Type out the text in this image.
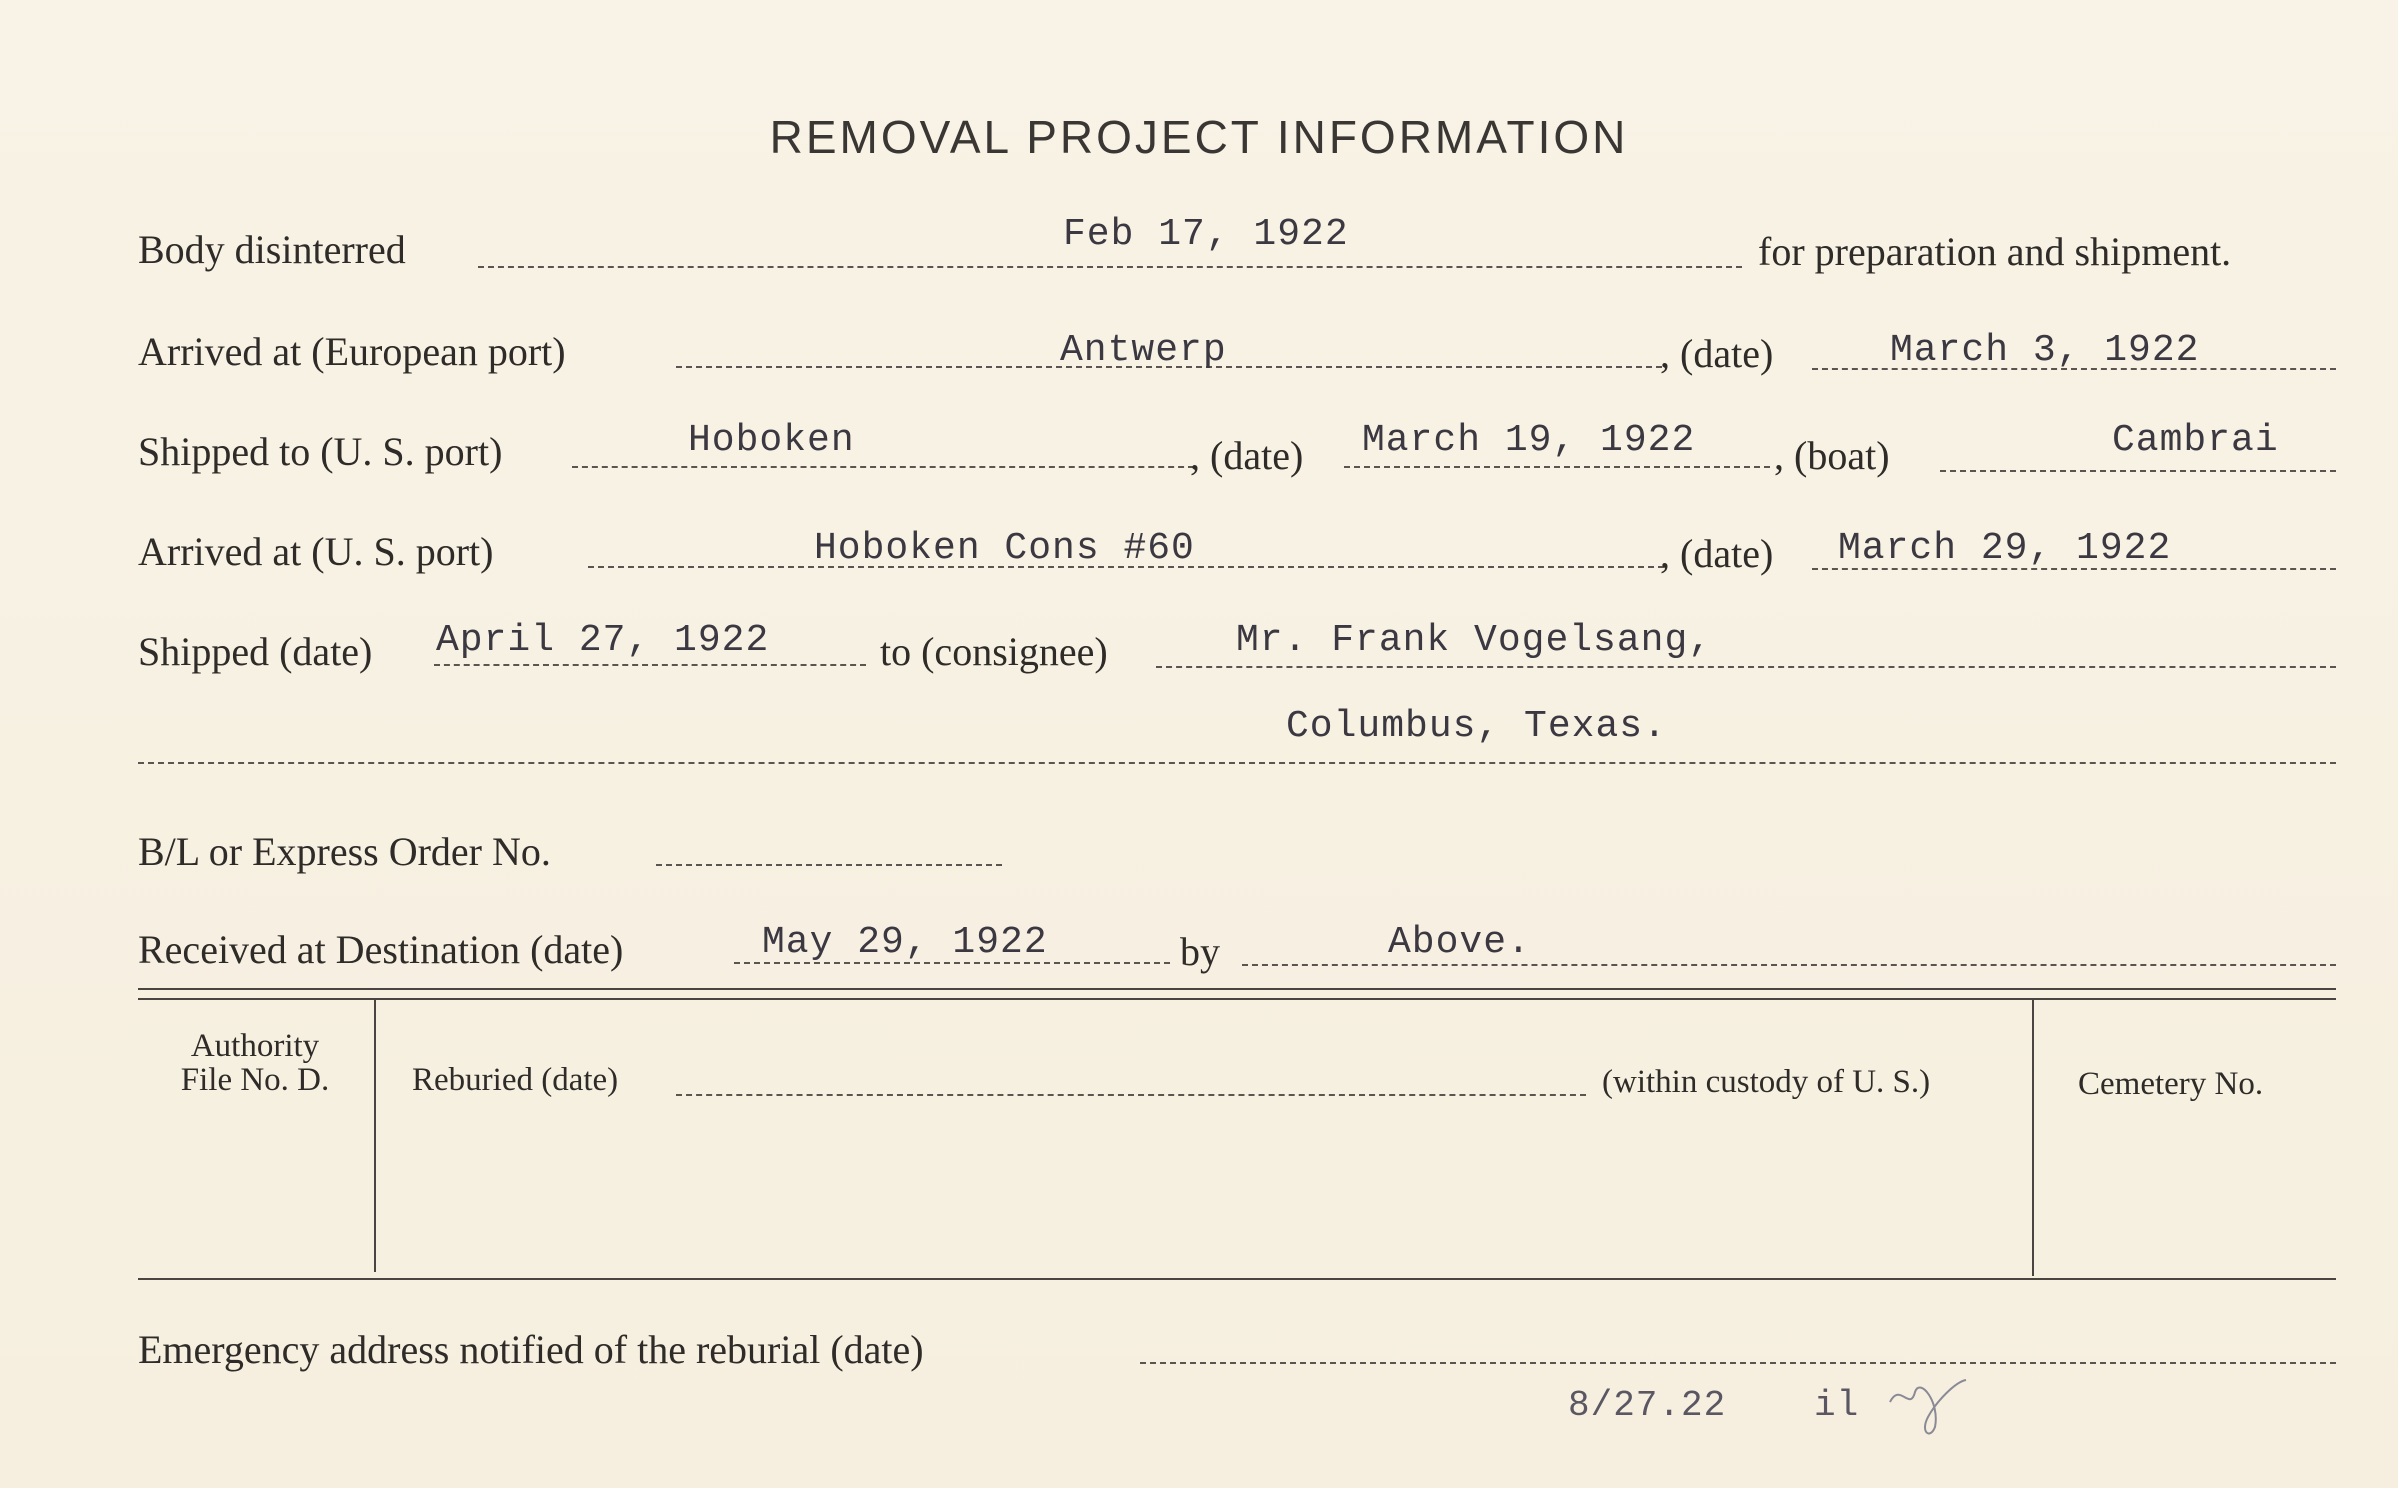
REMOVAL PROJECT INFORMATION
Body disinterred	Feb 17, 1922	for preparation and shipment.
Arrived at (European port)	Antwerp	, (date)	March 3, 1922
Shipped to (U. S. port)	Hoboken	, (date) March 19, 1922 , (boat)	Cambrai
Arrived at (U. S. port)	Hoboken Cons #60	, (date) March 29, 1922
Shipped (date) April 27, 1922	to (consignee)	Mr. Frank Vogelsang,
Columbus, Texas.
B/L or Express Order No.
Received at Destination (date)	May 29, 1922	by	Above.
Authority
File No. D.	Reburied (date)	(within custody of U. S.)	Cemetery No.
Emergency address notified of the reburial (date)
8/27.22 il
